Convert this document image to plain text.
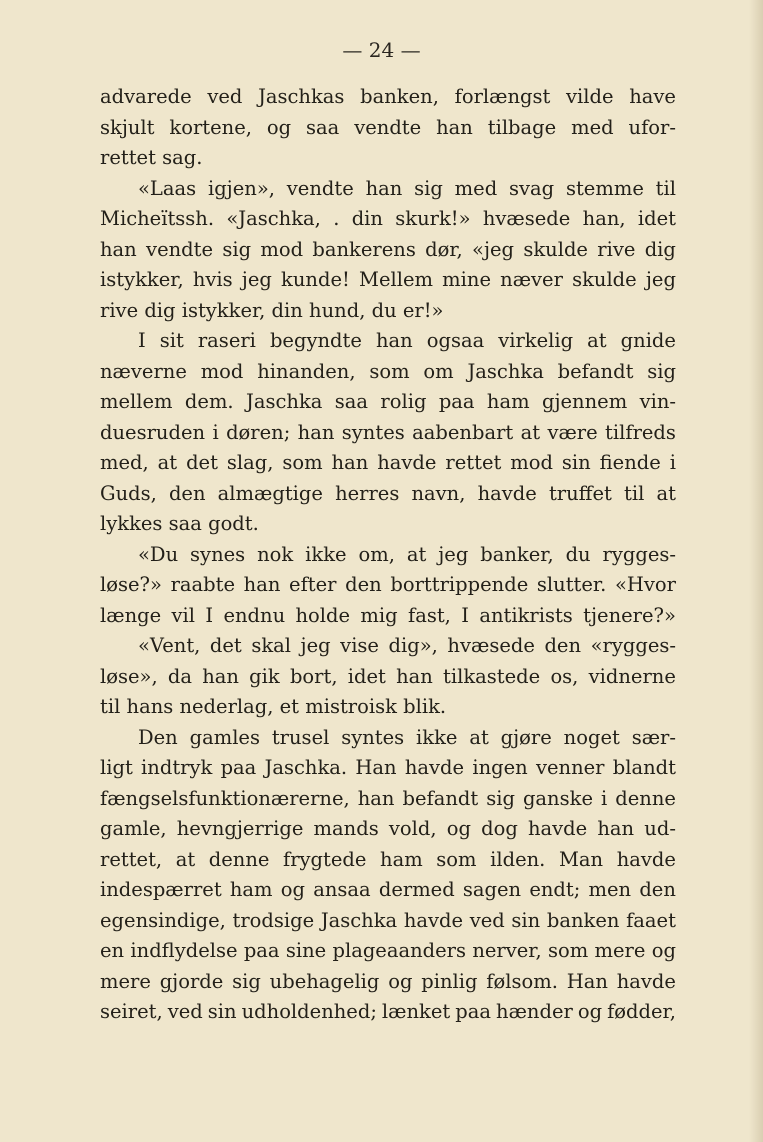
— 24 —
advarede ved Jaschkas banken, forlængst vilde have
skjult kortene, og saa vendte han tilbage med ufor-
rettet sag.
«Laas igjen», vendte han sig med svag stemme til
Micheïtssh. «Jaschka, . din skurk!» hvæsede han, idet
han vendte sig mod bankerens dør, «jeg skulde rive dig
istykker, hvis jeg kunde! Mellem mine næver skulde jeg
rive dig istykker, din hund, du er!»
I sit raseri begyndte han ogsaa virkelig at gnide
næverne mod hinanden, som om Jaschka befandt sig
mellem dem. Jaschka saa rolig paa ham gjennem vin-
duesruden i døren; han syntes aabenbart at være tilfreds
med, at det slag, som han havde rettet mod sin fiende i
Guds, den almægtige herres navn, havde truffet til at
lykkes saa godt.
«Du synes nok ikke om, at jeg banker, du rygges-
løse?» raabte han efter den borttrippende slutter. «Hvor
længe vil I endnu holde mig fast, I antikrists tjenere?»
«Vent, det skal jeg vise dig», hvæsede den «rygges-
løse», da han gik bort, idet han tilkastede os, vidnerne
til hans nederlag, et mistroisk blik.
Den gamles trusel syntes ikke at gjøre noget sær-
ligt indtryk paa Jaschka. Han havde ingen venner blandt
fængselsfunktionærerne, han befandt sig ganske i denne
gamle, hevngjerrige mands vold, og dog havde han ud-
rettet, at denne frygtede ham som ilden. Man havde
indespærret ham og ansaa dermed sagen endt; men den
egensindige, trodsige Jaschka havde ved sin banken faaet
en indflydelse paa sine plageaanders nerver, som mere og
mere gjorde sig ubehagelig og pinlig følsom. Han havde
seiret, ved sin udholdenhed; lænket paa hænder og fødder,
